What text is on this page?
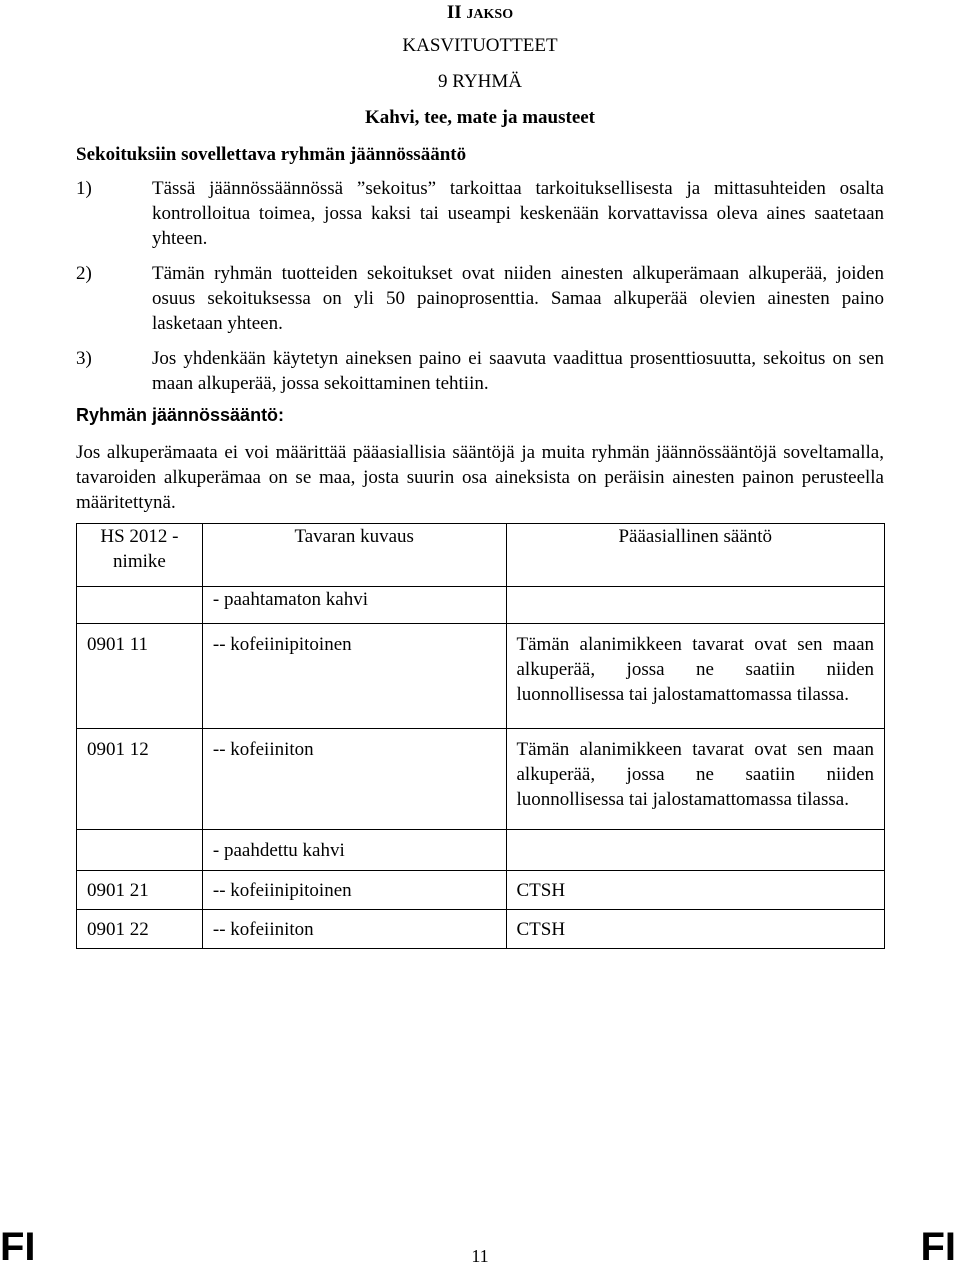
II JAKSO
KASVITUOTTEET
9 RYHMÄ
Kahvi, tee, mate ja mausteet
Sekoituksiin sovellettava ryhmän jäännössääntö
1)	Tässä jäännössäännössä ”sekoitus” tarkoittaa tarkoituksellisesta ja mittasuhteiden osalta kontrolloitua toimea, jossa kaksi tai useampi keskenään korvattavissa oleva aines saatetaan yhteen.
2)	Tämän ryhmän tuotteiden sekoitukset ovat niiden ainesten alkuperämaan alkuperää, joiden osuus sekoituksessa on yli 50 painoprosenttia. Samaa alkuperää olevien ainesten paino lasketaan yhteen.
3)	Jos yhdenkään käytetyn aineksen paino ei saavuta vaadittua prosenttiosuutta, sekoitus on sen maan alkuperää, jossa sekoittaminen tehtiin.
Ryhmän jäännössääntö:
Jos alkuperämaata ei voi määrittää pääasiallisia sääntöjä ja muita ryhmän jäännössääntöjä soveltamalla, tavaroiden alkuperämaa on se maa, josta suurin osa aineksista on peräisin ainesten painon perusteella määritettynä.
HS 2012 -
nimike	Tavaran kuvaus	Pääasiallinen sääntö
	- paahtamaton kahvi	
0901 11	-- kofeiinipitoinen	Tämän alanimikkeen tavarat ovat sen maan alkuperää, jossa ne saatiin niiden luonnollisessa tai jalostamattomassa tilassa.
0901 12	-- kofeiiniton	Tämän alanimikkeen tavarat ovat sen maan alkuperää, jossa ne saatiin niiden luonnollisessa tai jalostamattomassa tilassa.
	- paahdettu kahvi	
0901 21	-- kofeiinipitoinen	CTSH
0901 22	-- kofeiiniton	CTSH
FI	11	FI
